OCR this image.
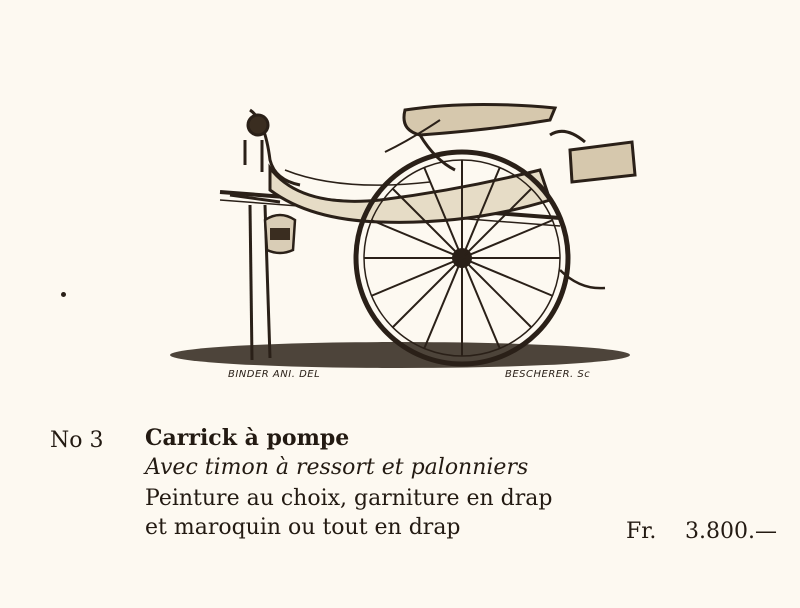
BINDER ANI. DEL	BESCHERER. Sc
No 3 Carrick à pompe
Avec timon à ressort et palonniers
Peinture au choix, garniture en drap
et maroquin ou tout en drap	Fr. 3.800.—
